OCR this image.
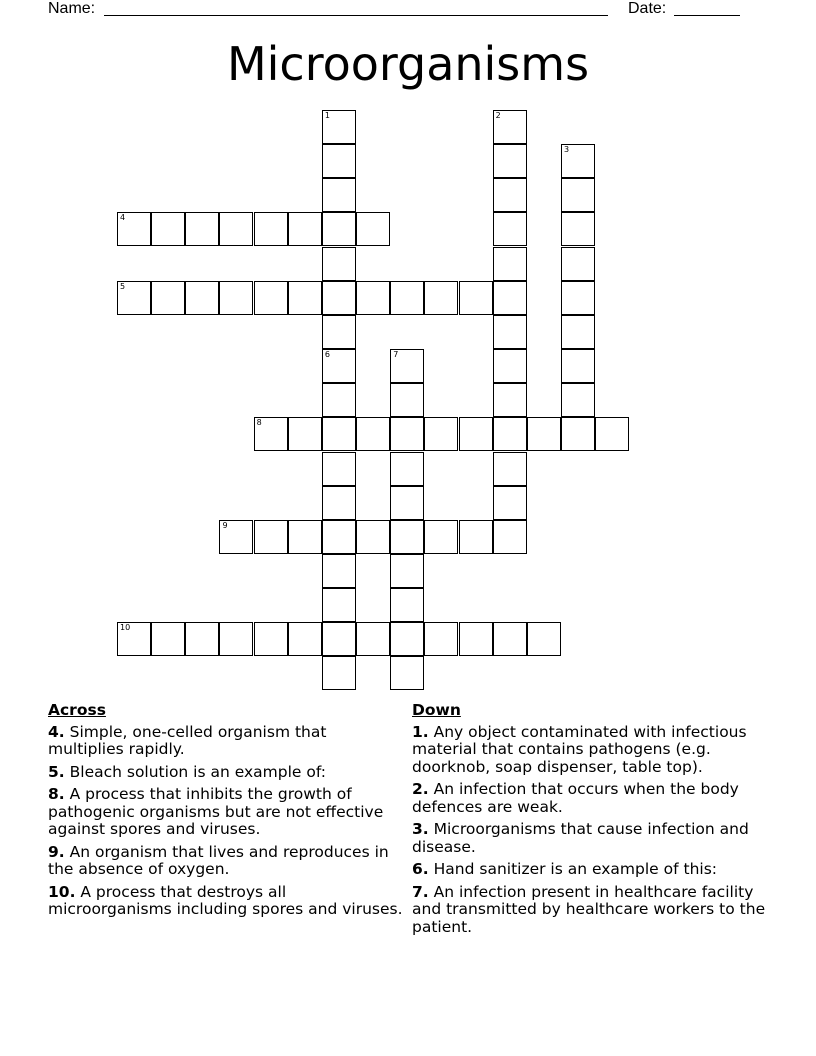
Name:	Date:
Microorganisms
1	2
3
4
5
6	7
8
9
10
Across
4. Simple, one-celled organism that multiplies rapidly.
5. Bleach solution is an example of:
8. A process that inhibits the growth of pathogenic organisms but are not effective against spores and viruses.
9. An organism that lives and reproduces in the absence of oxygen.
10. A process that destroys all microorganisms including spores and viruses.
Down
1. Any object contaminated with infectious material that contains pathogens (e.g. doorknob, soap dispenser, table top).
2. An infection that occurs when the body defences are weak.
3. Microorganisms that cause infection and disease.
6. Hand sanitizer is an example of this:
7. An infection present in healthcare facility and transmitted by healthcare workers to the patient.
